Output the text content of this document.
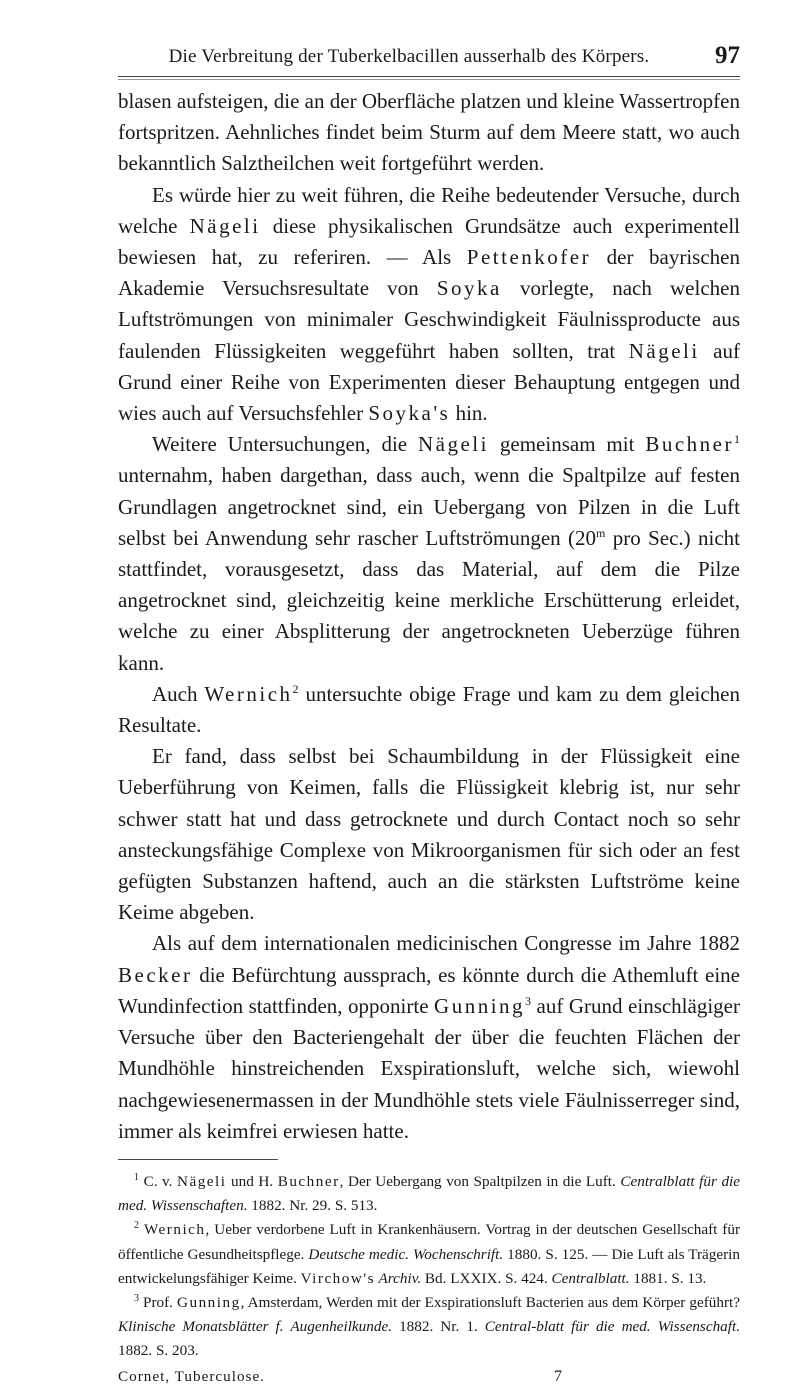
Die Verbreitung der Tuberkelbacillen ausserhalb des Körpers.	97

blasen aufsteigen, die an der Oberfläche platzen und kleine Wassertropfen fortspritzen. Aehnliches findet beim Sturm auf dem Meere statt, wo auch bekanntlich Salztheilchen weit fortgeführt werden.

Es würde hier zu weit führen, die Reihe bedeutender Versuche, durch welche Nägeli diese physikalischen Grundsätze auch experimentell bewiesen hat, zu referiren. — Als Pettenkofer der bayrischen Akademie Versuchsresultate von Soyka vorlegte, nach welchen Luftströmungen von minimaler Geschwindigkeit Fäulnissproducte aus faulenden Flüssigkeiten weggeführt haben sollten, trat Nägeli auf Grund einer Reihe von Experimenten dieser Behauptung entgegen und wies auch auf Versuchsfehler Soyka's hin.

Weitere Untersuchungen, die Nägeli gemeinsam mit Buchner$^1$ unternahm, haben dargethan, dass auch, wenn die Spaltpilze auf festen Grundlagen angetrocknet sind, ein Uebergang von Pilzen in die Luft selbst bei Anwendung sehr rascher Luftströmungen (20$^m$ pro Sec.) nicht stattfindet, vorausgesetzt, dass das Material, auf dem die Pilze angetrocknet sind, gleichzeitig keine merkliche Erschütterung erleidet, welche zu einer Absplitterung der angetrockneten Ueberzüge führen kann.

Auch Wernich$^2$ untersuchte obige Frage und kam zu dem gleichen Resultate.

Er fand, dass selbst bei Schaumbildung in der Flüssigkeit eine Ueberführung von Keimen, falls die Flüssigkeit klebrig ist, nur sehr schwer statt hat und dass getrocknete und durch Contact noch so sehr ansteckungsfähige Complexe von Mikroorganismen für sich oder an fest gefügten Substanzen haftend, auch an die stärksten Luftströme keine Keime abgeben.

Als auf dem internationalen medicinischen Congresse im Jahre 1882 Becker die Befürchtung aussprach, es könnte durch die Athemluft eine Wundinfection stattfinden, opponirte Gunning$^3$ auf Grund einschlägiger Versuche über den Bacteriengehalt der über die feuchten Flächen der Mundhöhle hinstreichenden Exspirationsluft, welche sich, wiewohl nachgewiesenermassen in der Mundhöhle stets viele Fäulnisserreger sind, immer als keimfrei erwiesen hatte.

$^1$ C. v. Nägeli und H. Buchner, Der Uebergang von Spaltpilzen in die Luft. Centralblatt für die med. Wissenschaften. 1882. Nr. 29. S. 513.

$^2$ Wernich, Ueber verdorbene Luft in Krankenhäusern. Vortrag in der deutschen Gesellschaft für öffentliche Gesundheitspflege. Deutsche medic. Wochenschrift. 1880. S. 125. — Die Luft als Trägerin entwickelungsfähiger Keime. Virchow's Archiv. Bd. LXXIX. S. 424. Centralblatt. 1881. S. 13.

$^3$ Prof. Gunning, Amsterdam, Werden mit der Exspirationsluft Bacterien aus dem Körper geführt? Klinische Monatsblätter f. Augenheilkunde. 1882. Nr. 1. Central-blatt für die med. Wissenschaft. 1882. S. 203.

Cornet, Tuberculose.	7
